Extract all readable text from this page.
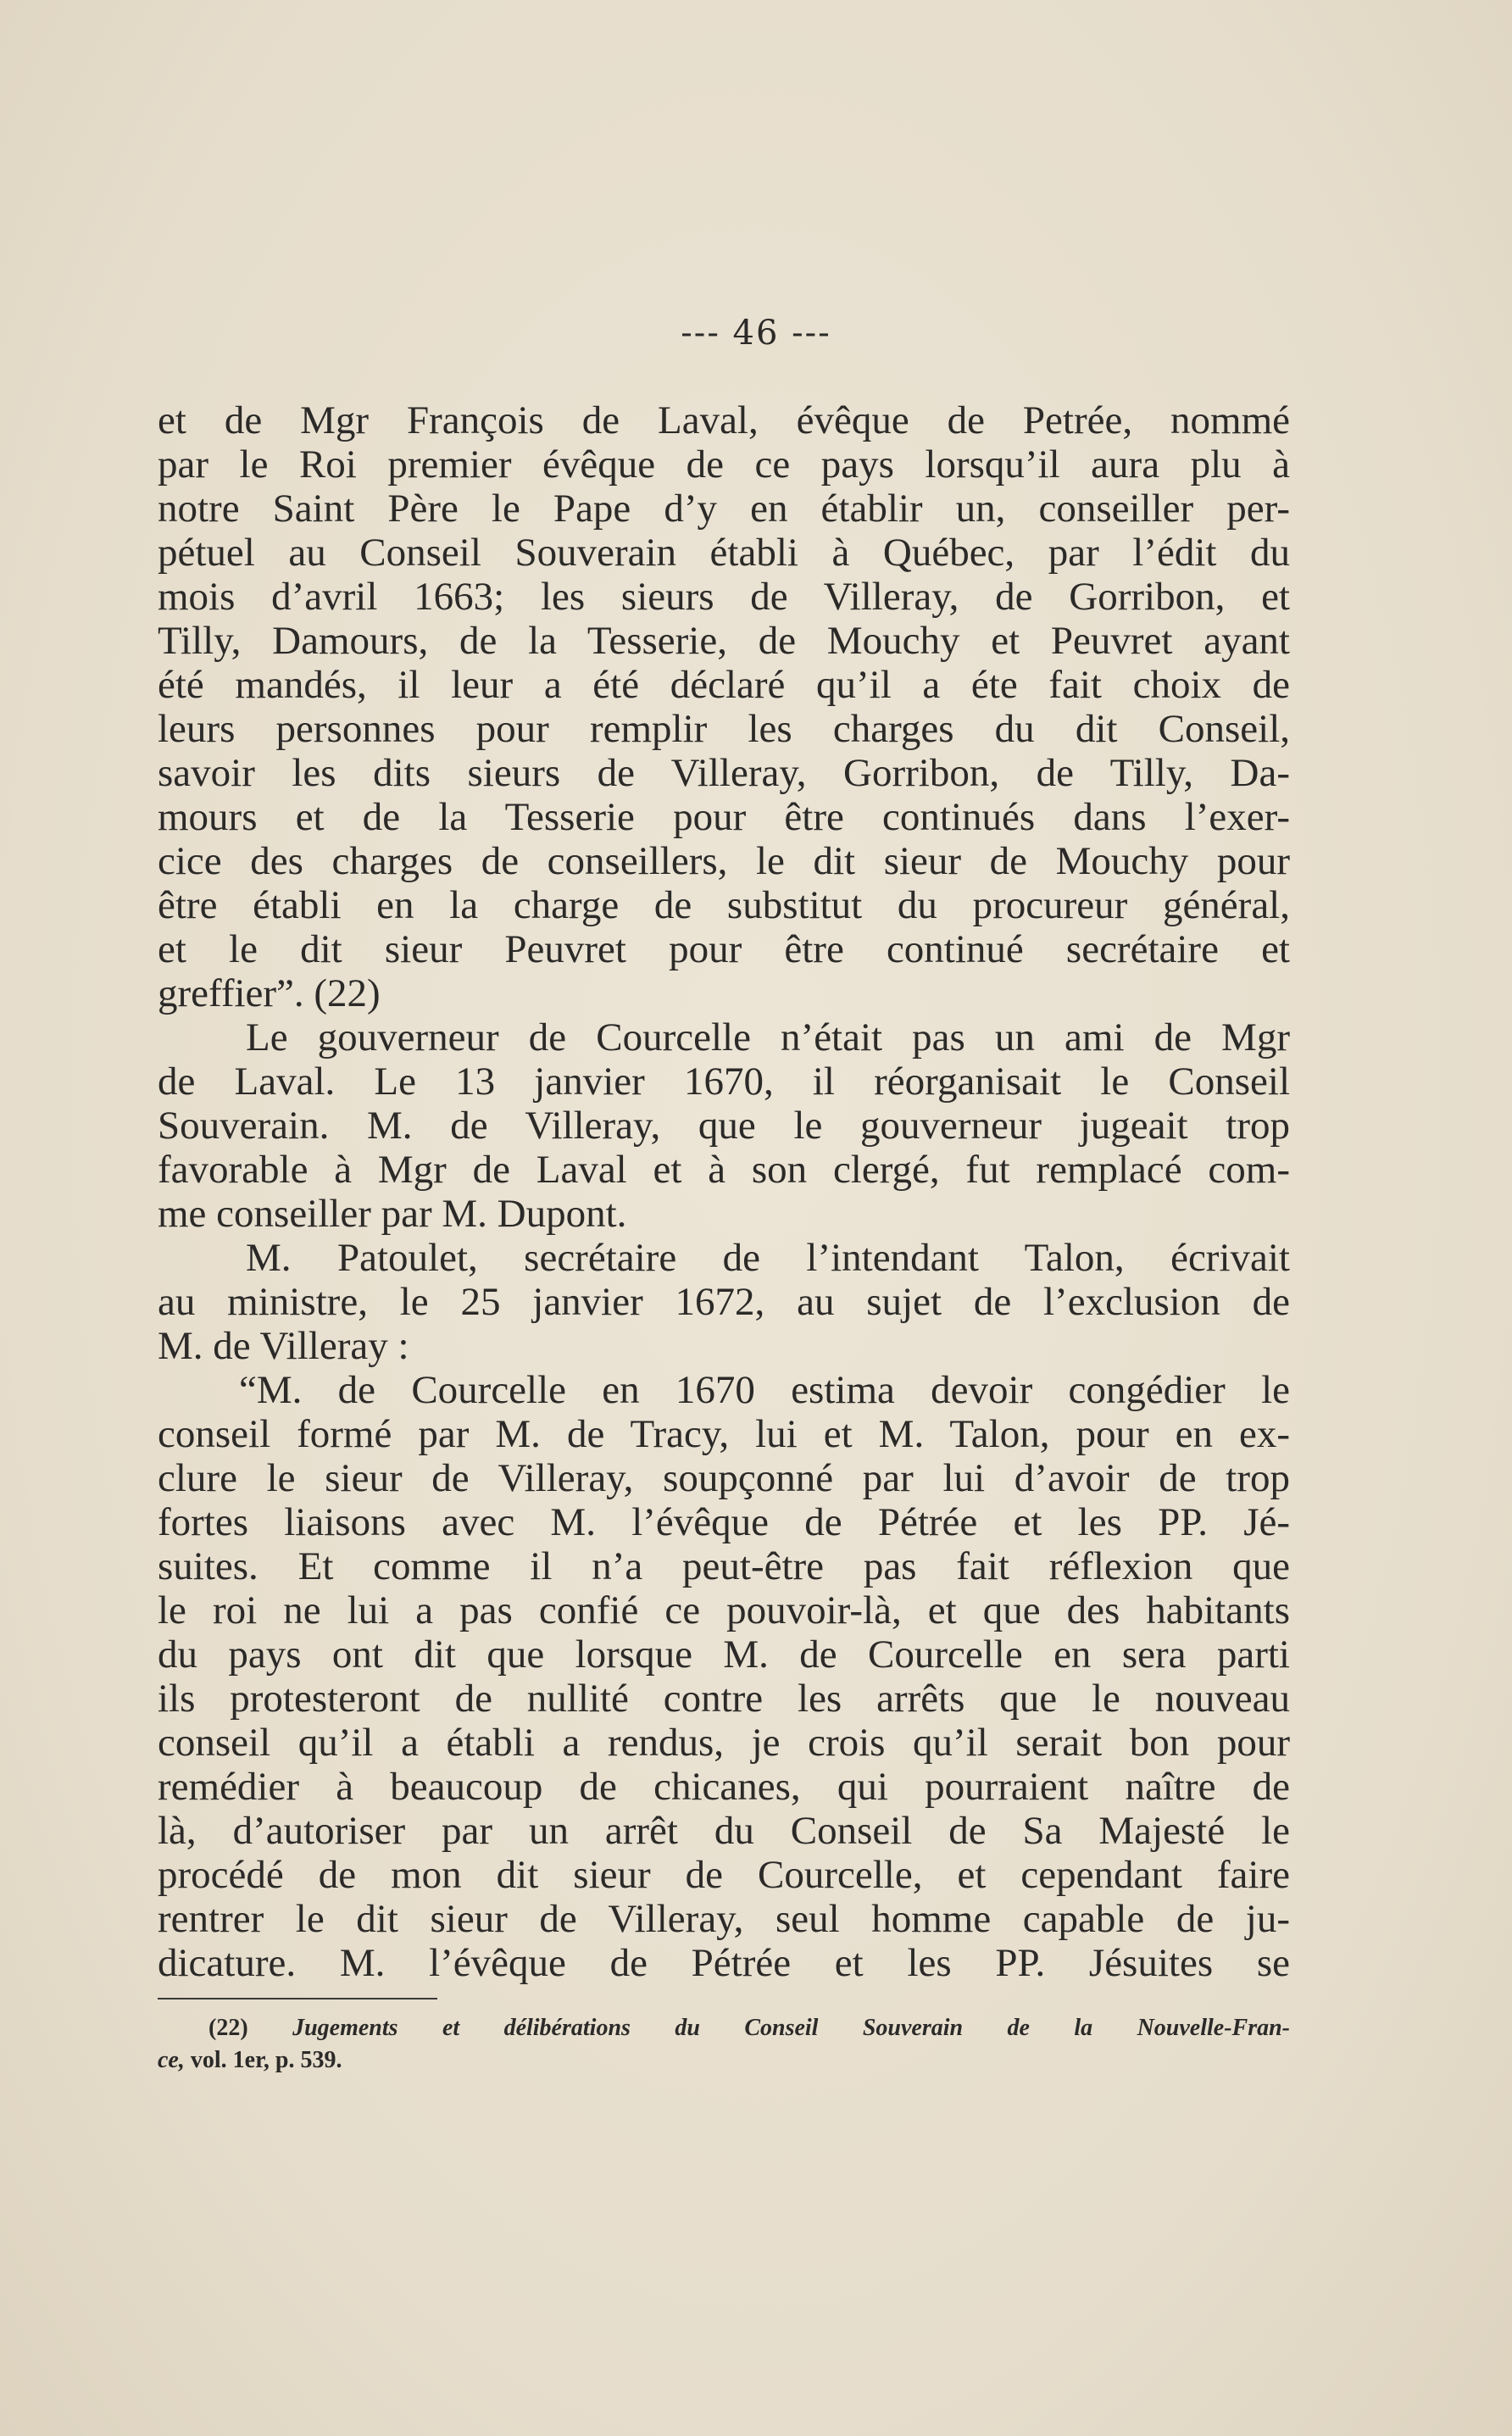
--- 46 ---
et de Mgr François de Laval, évêque de Petrée, nommé
par le Roi premier évêque de ce pays lorsqu’il aura plu à
notre Saint Père le Pape d’y en établir un, conseiller per-
pétuel au Conseil Souverain établi à Québec, par l’édit du
mois d’avril 1663; les sieurs de Villeray, de Gorribon, et
Tilly, Damours, de la Tesserie, de Mouchy et Peuvret ayant
été mandés, il leur a été déclaré qu’il a éte fait choix de
leurs personnes pour remplir les charges du dit Conseil,
savoir les dits sieurs de Villeray, Gorribon, de Tilly, Da-
mours et de la Tesserie pour être continués dans l’exer-
cice des charges de conseillers, le dit sieur de Mouchy pour
être établi en la charge de substitut du procureur général,
et le dit sieur Peuvret pour être continué secrétaire et
greffier”. (22)
Le gouverneur de Courcelle n’était pas un ami de Mgr
de Laval. Le 13 janvier 1670, il réorganisait le Conseil
Souverain. M. de Villeray, que le gouverneur jugeait trop
favorable à Mgr de Laval et à son clergé, fut remplacé com-
me conseiller par M. Dupont.
M. Patoulet, secrétaire de l’intendant Talon, écrivait
au ministre, le 25 janvier 1672, au sujet de l’exclusion de
M. de Villeray :
“M. de Courcelle en 1670 estima devoir congédier le
conseil formé par M. de Tracy, lui et M. Talon, pour en ex-
clure le sieur de Villeray, soupçonné par lui d’avoir de trop
fortes liaisons avec M. l’évêque de Pétrée et les PP. Jé-
suites. Et comme il n’a peut-être pas fait réflexion que
le roi ne lui a pas confié ce pouvoir-là, et que des habitants
du pays ont dit que lorsque M. de Courcelle en sera parti
ils protesteront de nullité contre les arrêts que le nouveau
conseil qu’il a établi a rendus, je crois qu’il serait bon pour
remédier à beaucoup de chicanes, qui pourraient naître de
là, d’autoriser par un arrêt du Conseil de Sa Majesté le
procédé de mon dit sieur de Courcelle, et cependant faire
rentrer le dit sieur de Villeray, seul homme capable de ju-
dicature. M. l’évêque de Pétrée et les PP. Jésuites se
(22) Jugements et délibérations du Conseil Souverain de la Nouvelle-Fran-
ce, vol. 1er, p. 539.
